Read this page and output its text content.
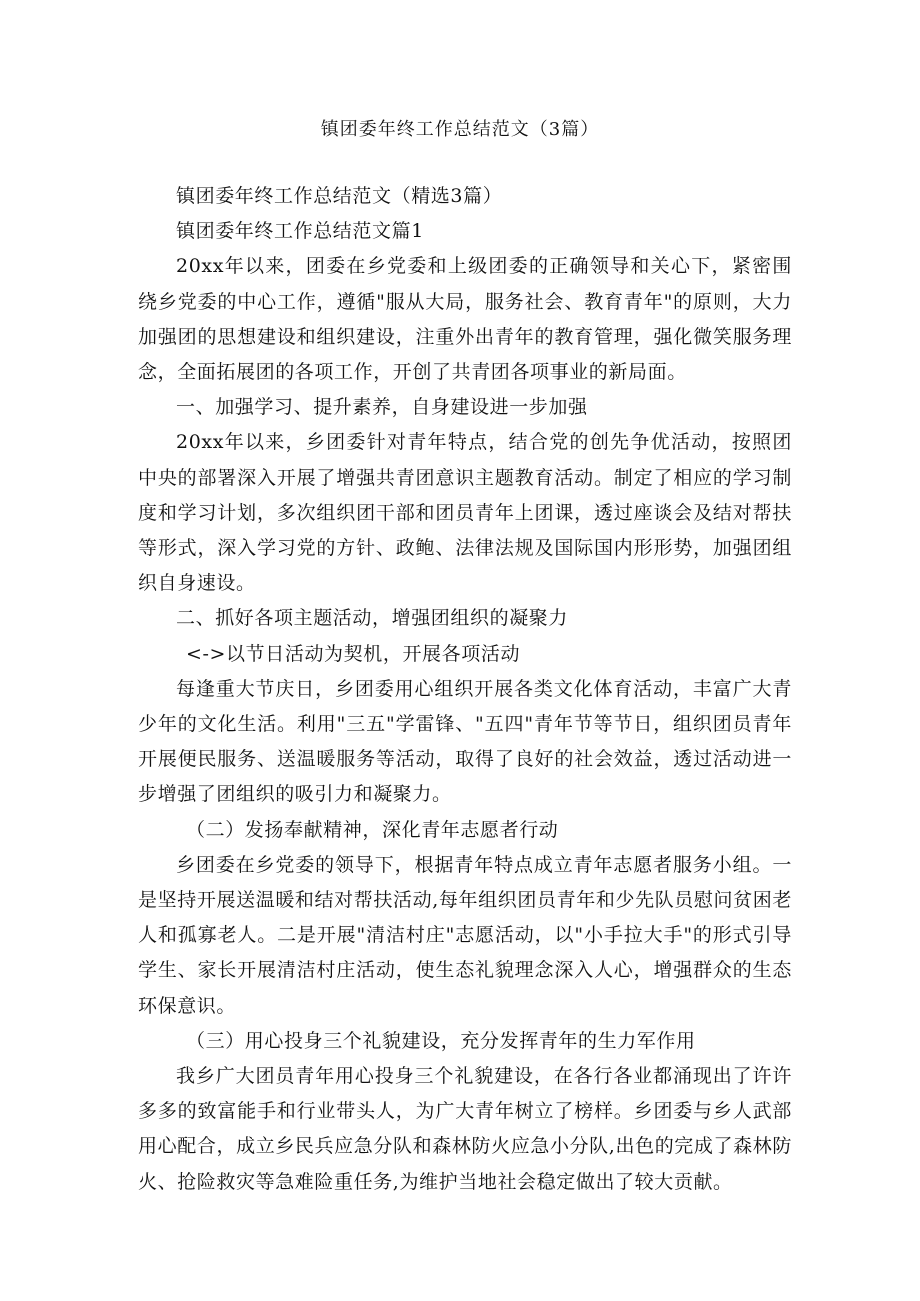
镇团委年终工作总结范文（3篇）

镇团委年终工作总结范文（精选3篇）

镇团委年终工作总结范文篇1

20xx年以来，团委在乡党委和上级团委的正确领导和关心下，紧密围绕乡党委的中心工作，遵循"服从大局，服务社会、教育青年"的原则，大力加强团的思想建设和组织建设，注重外出青年的教育管理，强化微笑服务理念，全面拓展团的各项工作，开创了共青团各项事业的新局面。

一、加强学习、提升素养，自身建设进一步加强

20xx年以来，乡团委针对青年特点，结合党的创先争优活动，按照团中央的部署深入开展了增强共青团意识主题教育活动。制定了相应的学习制度和学习计划，多次组织团干部和团员青年上团课，透过座谈会及结对帮扶等形式，深入学习党的方针、政鲍、法律法规及国际国内形形势，加强团组织自身速设。

二、抓好各项主题活动，增强团组织的凝聚力

<->以节日活动为契机，开展各项活动

每逢重大节庆日，乡团委用心组织开展各类文化体育活动，丰富广大青少年的文化生活。利用"三五"学雷锋、"五四"青年节等节日，组织团员青年开展便民服务、送温暖服务等活动，取得了良好的社会效益，透过活动进一步增强了团组织的吸引力和凝聚力。

（二）发扬奉献精神，深化青年志愿者行动

乡团委在乡党委的领导下，根据青年特点成立青年志愿者服务小组。一是坚持开展送温暖和结对帮扶活动,每年组织团员青年和少先队员慰问贫困老人和孤寡老人。二是开展"清洁村庄"志愿活动，以"小手拉大手"的形式引导学生、家长开展清洁村庄活动，使生态礼貌理念深入人心，增强群众的生态环保意识。

（三）用心投身三个礼貌建设，充分发挥青年的生力军作用

我乡广大团员青年用心投身三个礼貌建设，在各行各业都涌现出了许许多多的致富能手和行业带头人，为广大青年树立了榜样。乡团委与乡人武部用心配合，成立乡民兵应急分队和森林防火应急小分队,出色的完成了森林防火、抢险救灾等急难险重任务,为维护当地社会稳定做出了较大贡献。
